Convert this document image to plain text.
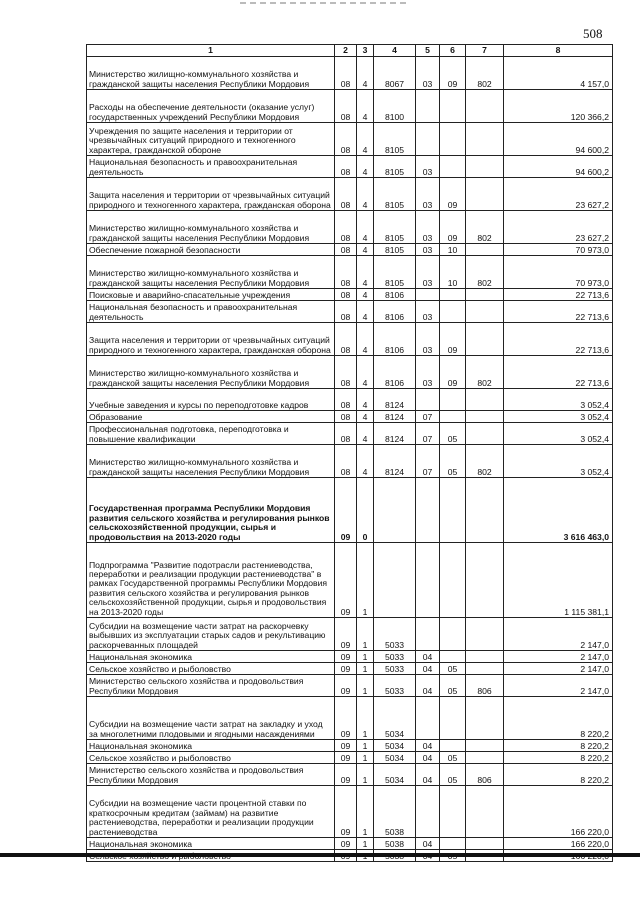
508
1	2	3	4	5	6	7	8
Министерство жилищно-коммунального хозяйства и гражданской защиты населения Республики Мордовия	08	4	8067	03	09	802	4 157,0
Расходы на обеспечение деятельности (оказание услуг) государственных учреждений Республики Мордовия	08	4	8100				120 366,2
Учреждения по защите населения и территории от чрезвычайных ситуаций природного и техногенного характера, гражданской обороне	08	4	8105				94 600,2
Национальная безопасность и правоохранительная деятельность	08	4	8105	03			94 600,2
Защита населения и территории от чрезвычайных ситуаций природного и техногенного характера, гражданская оборона	08	4	8105	03	09		23 627,2
Министерство жилищно-коммунального хозяйства и гражданской защиты населения Республики Мордовия	08	4	8105	03	09	802	23 627,2
Обеспечение пожарной безопасности	08	4	8105	03	10		70 973,0
Министерство жилищно-коммунального хозяйства и гражданской защиты населения Республики Мордовия	08	4	8105	03	10	802	70 973,0
Поисковые и аварийно-спасательные учреждения	08	4	8106				22 713,6
Национальная безопасность и правоохранительная деятельность	08	4	8106	03			22 713,6
Защита населения и территории от чрезвычайных ситуаций природного и техногенного характера, гражданская оборона	08	4	8106	03	09		22 713,6
Министерство жилищно-коммунального хозяйства и гражданской защиты населения Республики Мордовия	08	4	8106	03	09	802	22 713,6
Учебные заведения и курсы по переподготовке кадров	08	4	8124				3 052,4
Образование	08	4	8124	07			3 052,4
Профессиональная подготовка, переподготовка и повышение квалификации	08	4	8124	07	05		3 052,4
Министерство жилищно-коммунального хозяйства и гражданской защиты населения Республики Мордовия	08	4	8124	07	05	802	3 052,4
Государственная программа Республики Мордовия развития сельского хозяйства и регулирования рынков сельскохозяйственной продукции, сырья и продовольствия на 2013-2020 годы	09	0					3 616 463,0
Подпрограмма "Развитие подотрасли растениеводства, переработки и реализации продукции растениеводства" в рамках Государственной программы Республики Мордовия развития сельского хозяйства и регулирования рынков сельскохозяйственной продукции, сырья и продовольствия на 2013-2020 годы	09	1					1 115 381,1
Субсидии на возмещение части затрат на раскорчевку выбывших из эксплуатации старых садов и рекультивацию раскорчеванных площадей	09	1	5033				2 147,0
Национальная экономика	09	1	5033	04			2 147,0
Сельское хозяйство и рыболовство	09	1	5033	04	05		2 147,0
Министерство сельского хозяйства и продовольствия Республики Мордовия	09	1	5033	04	05	806	2 147,0
Субсидии на возмещение части затрат на закладку и уход за многолетними плодовыми и ягодными насаждениями	09	1	5034				8 220,2
Национальная экономика	09	1	5034	04			8 220,2
Сельское хозяйство и рыболовство	09	1	5034	04	05		8 220,2
Министерство сельского хозяйства и продовольствия Республики Мордовия	09	1	5034	04	05	806	8 220,2
Субсидии на возмещение части процентной ставки по краткосрочным кредитам (займам) на развитие растениеводства, переработки и реализации продукции растениеводства	09	1	5038				166 220,0
Национальная экономика	09	1	5038	04			166 220,0
